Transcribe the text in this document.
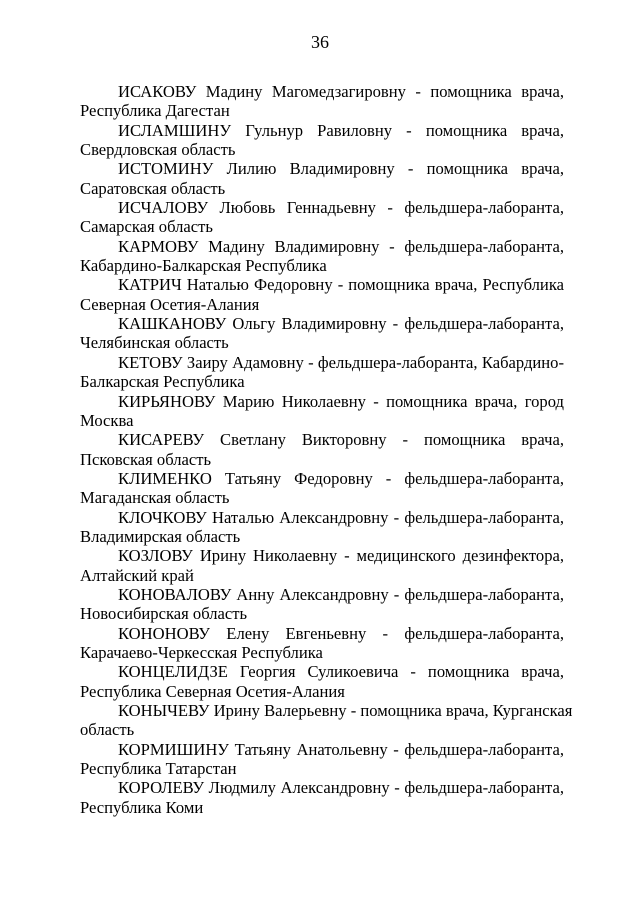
36

ИСАКОВУ Мадину Магомедзагировну - помощника врача,
Республика Дагестан

ИСЛАМШИНУ Гульнур Равиловну - помощника врача,
Свердловская область

ИСТОМИНУ Лилию Владимировну - помощника врача,
Саратовская область

ИСЧАЛОВУ Любовь Геннадьевну - фельдшера-лаборанта,
Самарская область

КАРМОВУ Мадину Владимировну - фельдшера-лаборанта,
Кабардино-Балкарская Республика

КАТРИЧ Наталью Федоровну - помощника врача, Республика
Северная Осетия-Алания

КАШКАНОВУ Ольгу Владимировну - фельдшера-лаборанта,
Челябинская область

КЕТОВУ Заиру Адамовну - фельдшера-лаборанта, Кабардино-
Балкарская Республика

КИРЬЯНОВУ Марию Николаевну - помощника врача, город
Москва

КИСАРЕВУ Светлану Викторовну - помощника врача,
Псковская область

КЛИМЕНКО Татьяну Федоровну - фельдшера-лаборанта,
Магаданская область

КЛОЧКОВУ Наталью Александровну - фельдшера-лаборанта,
Владимирская область

КОЗЛОВУ Ирину Николаевну - медицинского дезинфектора,
Алтайский край

КОНОВАЛОВУ Анну Александровну - фельдшера-лаборанта,
Новосибирская область

КОНОНОВУ Елену Евгеньевну - фельдшера-лаборанта,
Карачаево-Черкесская Республика

КОНЦЕЛИДЗЕ Георгия Суликоевича - помощника врача,
Республика Северная Осетия-Алания

КОНЫЧЕВУ Ирину Валерьевну - помощника врача, Курганская
область

КОРМИШИНУ Татьяну Анатольевну - фельдшера-лаборанта,
Республика Татарстан

КОРОЛЕВУ Людмилу Александровну - фельдшера-лаборанта,
Республика Коми
